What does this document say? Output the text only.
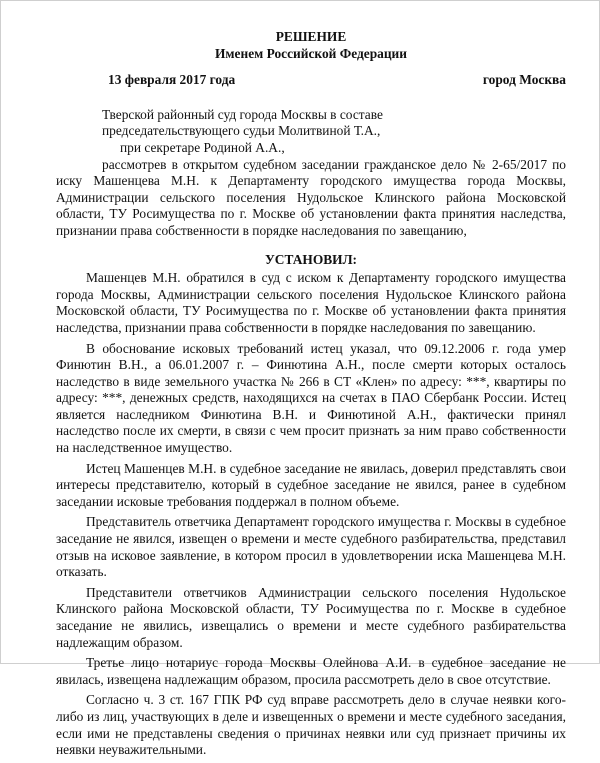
РЕШЕНИЕ
Именем Российской Федерации
13 февраля 2017 года	город Москва
Тверской районный суд города Москвы в составе
председательствующего судьи Молитвиной Т.А.,
при секретаре Родиной А.А.,

рассмотрев в открытом судебном заседании гражданское дело № 2-65/2017 по иску Машенцева М.Н. к Департаменту городского имущества города Москвы, Администрации сельского поселения Нудольское Клинского района Московской области, ТУ Росимущества по г. Москве об установлении факта принятия наследства, признании права собственности в порядке наследования по завещанию,

УСТАНОВИЛ:

Машенцев М.Н. обратился в суд с иском к Департаменту городского имущества города Москвы, Администрации сельского поселения Нудольское Клинского района Московской области, ТУ Росимущества по г. Москве об установлении факта принятия наследства, признании права собственности в порядке наследования по завещанию.

В обоснование исковых требований истец указал, что 09.12.2006 г. года умер Финютин В.Н., а 06.01.2007 г. – Финютина А.Н., после смерти которых осталось наследство в виде земельного участка № 266 в СТ «Клен» по адресу: ***, квартиры по адресу: ***, денежных средств, находящихся на счетах в ПАО Сбербанк России. Истец является наследником Финютина В.Н. и Финютиной А.Н., фактически принял наследство после их смерти, в связи с чем просит признать за ним право собственности на наследственное имущество.

Истец Машенцев М.Н. в судебное заседание не явилась, доверил представлять свои интересы представителю, который в судебное заседание не явился, ранее в судебном заседании исковые требования поддержал в полном объеме.

Представитель ответчика Департамент городского имущества г. Москвы в судебное заседание не явился, извещен о времени и месте судебного разбирательства, представил отзыв на исковое заявление, в котором просил в удовлетворении иска Машенцева М.Н. отказать.

Представители ответчиков Администрации сельского поселения Нудольское Клинского района Московской области, ТУ Росимущества по г. Москве в судебное заседание не явились, извещались о времени и месте судебного разбирательства надлежащим образом.

Третье лицо нотариус города Москвы Олейнова А.И. в судебное заседание не явилась, извещена надлежащим образом, просила рассмотреть дело в свое отсутствие.

Согласно ч. 3 ст. 167 ГПК РФ суд вправе рассмотреть дело в случае неявки кого-либо из лиц, участвующих в деле и извещенных о времени и месте судебного заседания, если ими не представлены сведения о причинах неявки или суд признает причины их неявки неуважительными.
